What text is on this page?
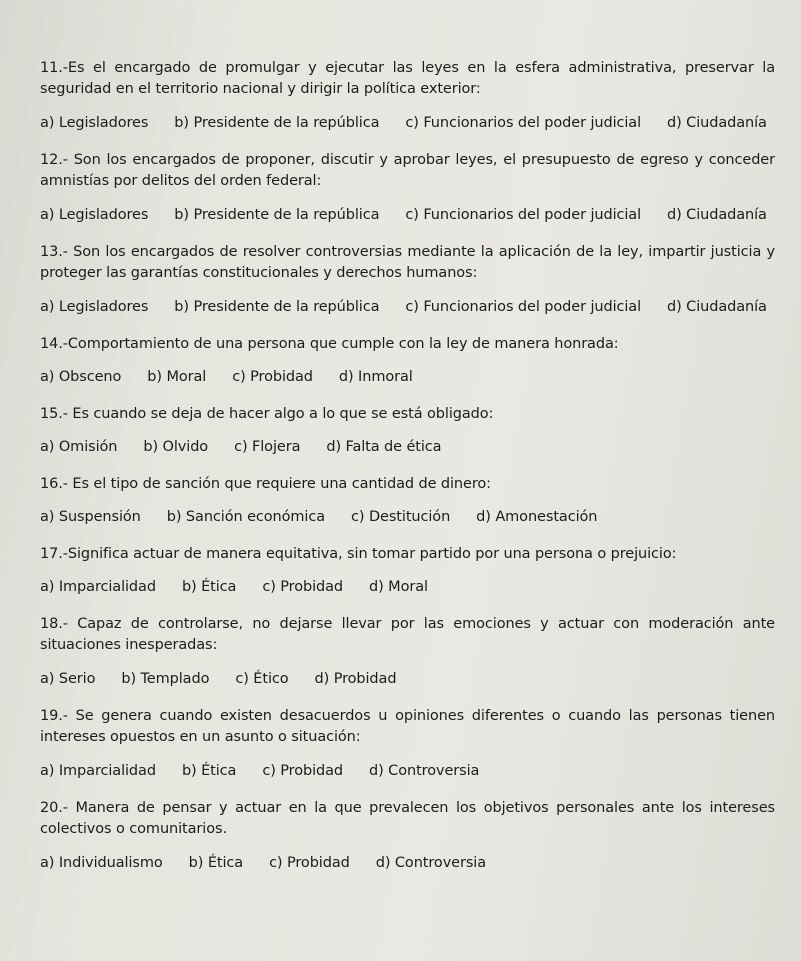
11.-Es el encargado de promulgar y ejecutar las leyes en la esfera administrativa, preservar la seguridad en el territorio nacional y dirigir la política exterior:
a) Legisladores b) Presidente de la república c) Funcionarios del poder judicial d) Ciudadanía
12.- Son los encargados de proponer, discutir y aprobar leyes, el presupuesto de egreso y conceder amnistías por delitos del orden federal:
a) Legisladores b) Presidente de la república c) Funcionarios del poder judicial d) Ciudadanía
13.- Son los encargados de resolver controversias mediante la aplicación de la ley, impartir justicia y proteger las garantías constitucionales y derechos humanos:
a) Legisladores b) Presidente de la república c) Funcionarios del poder judicial d) Ciudadanía
14.-Comportamiento de una persona que cumple con la ley de manera honrada:
a) Obsceno b) Moral c) Probidad d) Inmoral
15.- Es cuando se deja de hacer algo a lo que se está obligado:
a) Omisión b) Olvido c) Flojera d) Falta de ética
16.- Es el tipo de sanción que requiere una cantidad de dinero:
a) Suspensión b) Sanción económica c) Destitución d) Amonestación
17.-Significa actuar de manera equitativa, sin tomar partido por una persona o prejuicio:
a) Imparcialidad b) Ética c) Probidad d) Moral
18.- Capaz de controlarse, no dejarse llevar por las emociones y actuar con moderación ante situaciones inesperadas:
a) Serio b) Templado c) Ético d) Probidad
19.- Se genera cuando existen desacuerdos u opiniones diferentes o cuando las personas tienen intereses opuestos en un asunto o situación:
a) Imparcialidad b) Ética c) Probidad d) Controversia
20.- Manera de pensar y actuar en la que prevalecen los objetivos personales ante los intereses colectivos o comunitarios.
a) Individualismo b) Ética c) Probidad d) Controversia
